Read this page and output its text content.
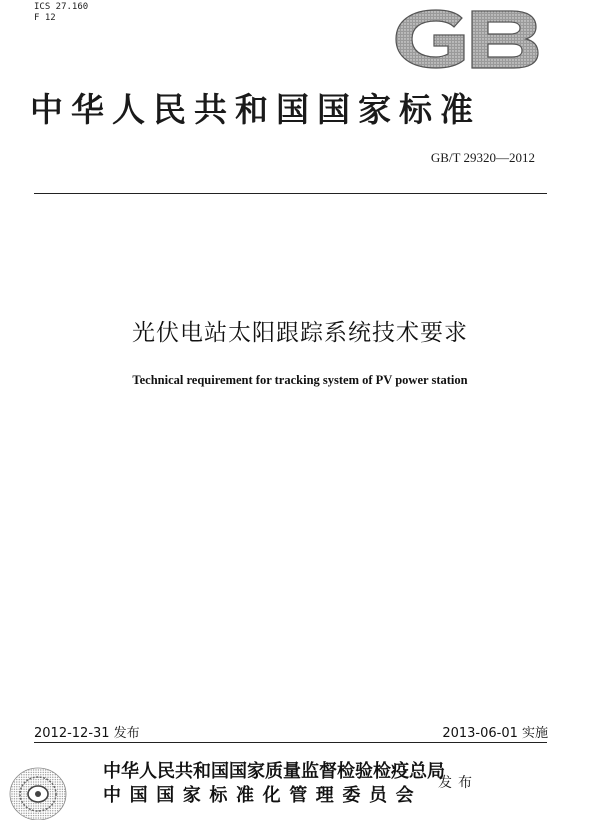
ICS 27.160
F 12
中华人民共和国国家标准
GB/T 29320—2012
光伏电站太阳跟踪系统技术要求
Technical requirement for tracking system of PV power station
2012-12-31 发布	2013-06-01 实施
中华人民共和国国家质量监督检验检疫总局
中国国家标准化管理委员会
发布
